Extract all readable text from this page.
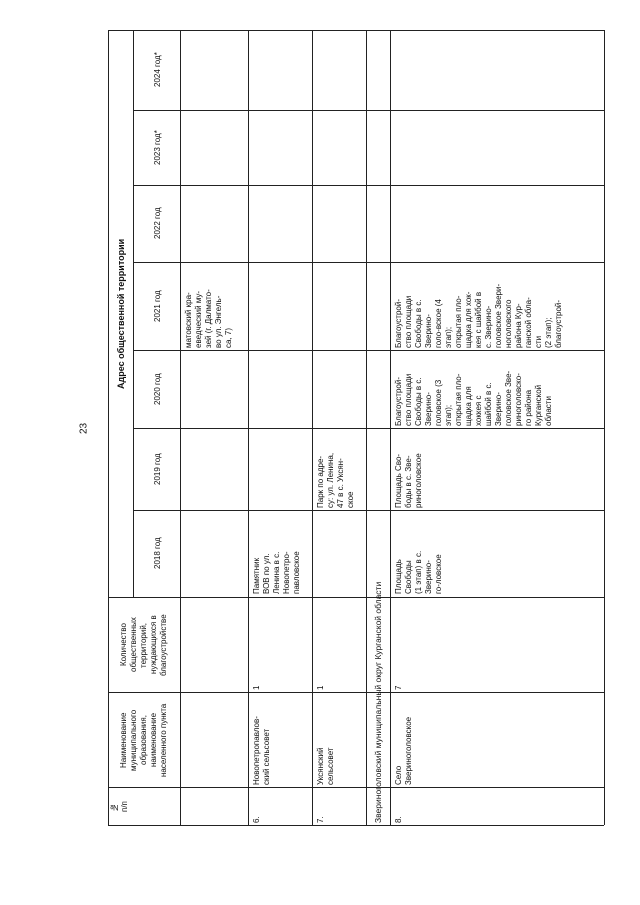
23
№
п/п
Наименование
муниципального
образования,
наименование
населенного пункта
Количество
общественных
территорий,
нуждающихся в
благоустройстве
Адрес общественной территории
2018 год
2019 год
2020 год
2021 год
2022 год
2023 год*
2024 год*
матовский кра-
еведческий му-
зей (г. Далмато-
во ул. Энгель-
са, 7)
6.
Новопетропавлов-
ский сельсовет
1
Памятник
ВОВ по ул.
Ленина в с.
Новопетро-
павловское
7.
Уксянский
сельсовет
1
Парк по адре-
су: ул. Ленина,
47 в с. Уксян-
ское
Звериноголовский муниципальный округ Курганской области	8.
Село
Звериноголовское
7
Площадь
Свободы
(1 этап) в с.
Зверино-
го-ловское
Площадь Сво-
боды в с. Зве-
риноголовское
Благоустрой-
ство площади
Свободы в с.
Зверино-
головское (3
этап);
открытая пло-
щадка для
хоккея с
шайбой в с.
Зверино-
головское Зве-
риноголовско-
го района
Курганской
области
Благоустрой-
ство площади
Свободы в с.
Зверино-
голо-вское (4
этап);
открытая пло-
щадка для хок-
кея с шайбой в
с. Зверино-
головское Звери-
ноголовского
района Кур-
ганской обла-
сти
(2 этап);
благоустрой-
